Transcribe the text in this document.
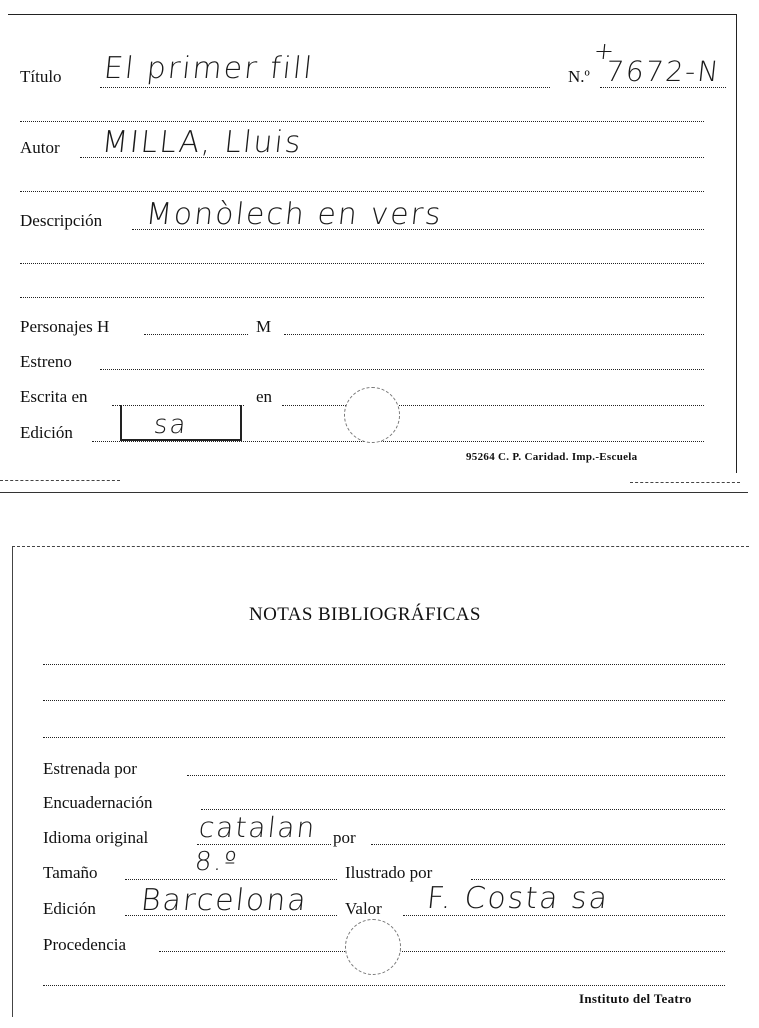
Título El primer fill	N.º 7672-N
+
Autor MILLA, Lluis
Descripción Monòlech en vers
Personajes H	M
Estreno
Escrita en	en
Edición	sa
95264 C. P. Caridad. Imp.-Escuela
NOTAS BIBLIOGRÁFICAS
Estrenada por
Encuadernación
Idioma original catalan por
Tamaño	8.º	Ilustrado por
Edición Barcelona Valor F. Costa sa
Procedencia
Instituto del Teatro
